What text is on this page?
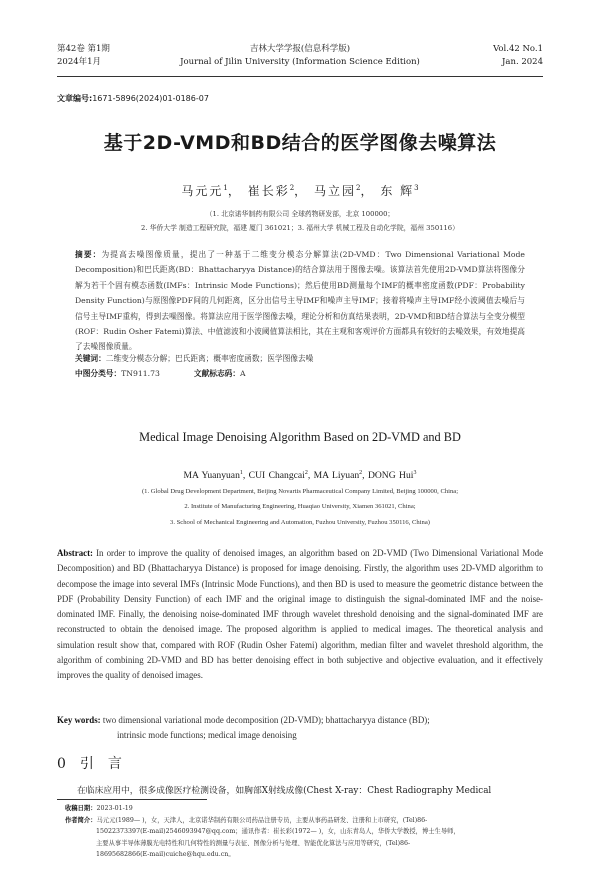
第42卷 第1期
2024年1月
吉林大学学报(信息科学版)
Journal of Jilin University (Information Science Edition)
Vol.42 No.1
Jan. 2024
文章编号:1671-5896(2024)01-0186-07
基于2D-VMD和BD结合的医学图像去噪算法
马元元$^1$， 崔长彩$^2$， 马立园$^2$， 东 辉$^3$
（1. 北京诺华制药有限公司 全球药物研发部，北京 100000；
2. 华侨大学 制造工程研究院，福建 厦门 361021；3. 福州大学 机械工程及自动化学院，福州 350116）
摘要：为提高去噪图像质量，提出了一种基于二维变分模态分解算法(2D-VMD：Two Dimensional Variational Mode Decomposition)和巴氏距离(BD：Bhattacharyya Distance)的结合算法用于图像去噪。该算法首先使用2D-VMD算法将图像分解为若干个固有模态函数(IMFs：Intrinsic Mode Functions)；然后使用BD测量每个IMF的概率密度函数(PDF：Probability Density Function)与原图像PDF间的几何距离，区分出信号主导IMF和噪声主导IMF；接着将噪声主导IMF经小波阈值去噪后与信号主导IMF重构，得到去噪图像。将算法应用于医学图像去噪，理论分析和仿真结果表明，2D-VMD和BD结合算法与全变分模型(ROF：Rudin Osher Fatemi)算法、中值滤波和小波阈值算法相比，其在主观和客观评价方面都具有较好的去噪效果，有效地提高了去噪图像质量。
关键词：二维变分模态分解；巴氏距离；概率密度函数；医学图像去噪
中图分类号：TN911.73	文献标志码：A
Medical Image Denoising Algorithm Based on 2D-VMD and BD
MA Yuanyuan$^1$, CUI Changcai$^2$, MA Liyuan$^2$, DONG Hui$^3$
(1. Global Drug Development Department, Beijing Novartis Pharmaceutical Company Limited, Beijing 100000, China;
2. Institute of Manufacturing Engineering, Huaqiao University, Xiamen 361021, China;
3. School of Mechanical Engineering and Automation, Fuzhou University, Fuzhou 350116, China)
Abstract: In order to improve the quality of denoised images, an algorithm based on 2D-VMD (Two Dimensional Variational Mode Decomposition) and BD (Bhattacharyya Distance) is proposed for image denoising. Firstly, the algorithm uses 2D-VMD algorithm to decompose the image into several IMFs (Intrinsic Mode Functions), and then BD is used to measure the geometric distance between the PDF (Probability Density Function) of each IMF and the original image to distinguish the signal-dominated IMF and the noise-dominated IMF. Finally, the denoising noise-dominated IMF through wavelet threshold denoising and the signal-dominated IMF are reconstructed to obtain the denoised image. The proposed algorithm is applied to medical images. The theoretical analysis and simulation result show that, compared with ROF (Rudin Osher Fatemi) algorithm, median filter and wavelet threshold algorithm, the algorithm of combining 2D-VMD and BD has better denoising effect in both subjective and objective evaluation, and it effectively improves the quality of denoised images.
Key words: two dimensional variational mode decomposition (2D-VMD); bhattacharyya distance (BD);
intrinsic mode functions; medical image denoising
0引言
在临床应用中，很多成像医疗检测设备，如胸部X射线成像(Chest X-ray：Chest Radiography Medical
收稿日期：2023-01-19
作者简介：马元元(1989— )，女，天津人，北京诺华制药有限公司药品注册专员，主要从事药品研发、注册和上市研究，(Tel)86-
15022373397(E-mail)2546093947@qq.com；通讯作者：崔长彩(1972— )，女，山东青岛人，华侨大学教授，博士生导师，
主要从事半导体薄膜光电特性和几何特性的测量与表征、图像分析与处理、智能优化算法与应用等研究，(Tel)86-
18695682866(E-mail)cuiche@hqu.edu.cn。
